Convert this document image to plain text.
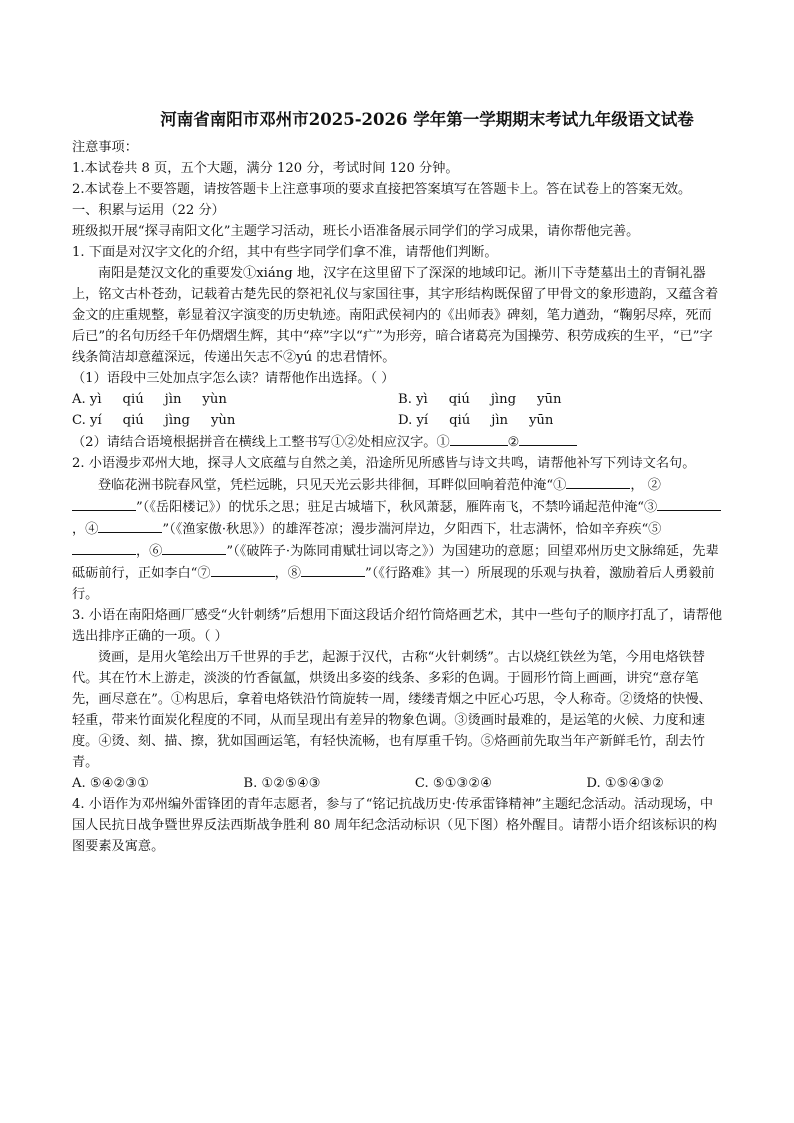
河南省南阳市邓州市2025-2026 学年第一学期期末考试九年级语文试卷

注意事项：

1.本试卷共 8 页，五个大题，满分 120 分，考试时间 120 分钟。

2.本试卷上不要答题，请按答题卡上注意事项的要求直接把答案填写在答题卡上。答在试卷上的答案无效。

一、积累与运用（22 分）

班级拟开展“探寻南阳文化”主题学习活动，班长小语准备展示同学们的学习成果，请你帮他完善。

1. 下面是对汉字文化的介绍，其中有些字同学们拿不准，请帮他们判断。

南阳是楚汉文化的重要发①xiáng 地，汉字在这里留下了深深的地域印记。淅川下寺楚墓出土的青铜礼器上，铭文古朴苍劲，记载着古楚先民的祭祀礼仪与家国往事，其字形结构既保留了甲骨文的象形遗韵，又蕴含着金文的庄重规整，彰显着汉字演变的历史轨迹。南阳武侯祠内的《出师表》碑刻，笔力遒劲，“鞠躬尽瘁，死而后已”的名句历经千年仍熠熠生辉，其中“瘁”字以“疒”为形旁，暗合诸葛亮为国操劳、积劳成疾的生平，“已”字线条简洁却意蕴深远，传递出矢志不②yú 的忠君情怀。

（1）语段中三处加点字怎么读？请帮他作出选择。（ ）

A. yì     qiú     jìn     yùn	B. yì     qiú     jìng     yūn
C. yí     qiú     jìng     yùn	D. yí     qiú     jìn     yūn

（2）请结合语境根据拼音在横线上工整书写①②处相应汉字。①	②

2. 小语漫步邓州大地，探寻人文底蕴与自然之美，沿途所见所感皆与诗文共鸣，请帮他补写下列诗文名句。

登临花洲书院春风堂，凭栏远眺，只见天光云影共徘徊，耳畔似回响着范仲淹“①	， ②”（《岳阳楼记》）的忧乐之思；驻足古城墙下，秋风萧瑟，雁阵南飞，不禁吟诵起范仲淹“③，④	”（《渔家傲·秋思》）的雄浑苍凉；漫步湍河岸边，夕阳西下，壮志满怀，恰如辛弃疾“⑤，⑥	”（《破阵子·为陈同甫赋壮词以寄之》）为国建功的意愿；回望邓州历史文脉绵延，先辈砥砺前行，正如李白“⑦	，⑧	”（《行路难》其一）所展现的乐观与执着，激励着后人勇毅前行。

3. 小语在南阳烙画厂感受“火针刺绣”后想用下面这段话介绍竹筒烙画艺术，其中一些句子的顺序打乱了，请帮他选出排序正确的一项。（ ）

烫画，是用火笔绘出万千世界的手艺，起源于汉代，古称“火针刺绣”。古以烧红铁丝为笔，今用电烙铁替代。其在竹木上游走，淡淡的竹香氤氲，烘烫出多姿的线条、多彩的色调。于圆形竹筒上画画，讲究“意存笔先，画尽意在”。①构思后，拿着电烙铁沿竹筒旋转一周，缕缕青烟之中匠心巧思，令人称奇。②烫烙的快慢、轻重，带来竹面炭化程度的不同，从而呈现出有差异的物象色调。③烫画时最难的，是运笔的火候、力度和速度。④烫、刻、描、擦，犹如国画运笔，有轻快流畅，也有厚重千钧。⑤烙画前先取当年产新鲜毛竹，刮去竹青。

A. ⑤④②③①	B. ①②⑤④③	C. ⑤①③②④	D. ①⑤④③②

4. 小语作为邓州编外雷锋团的青年志愿者，参与了“铭记抗战历史·传承雷锋精神”主题纪念活动。活动现场，中国人民抗日战争暨世界反法西斯战争胜利 80 周年纪念活动标识（见下图）格外醒目。请帮小语介绍该标识的构图要素及寓意。
